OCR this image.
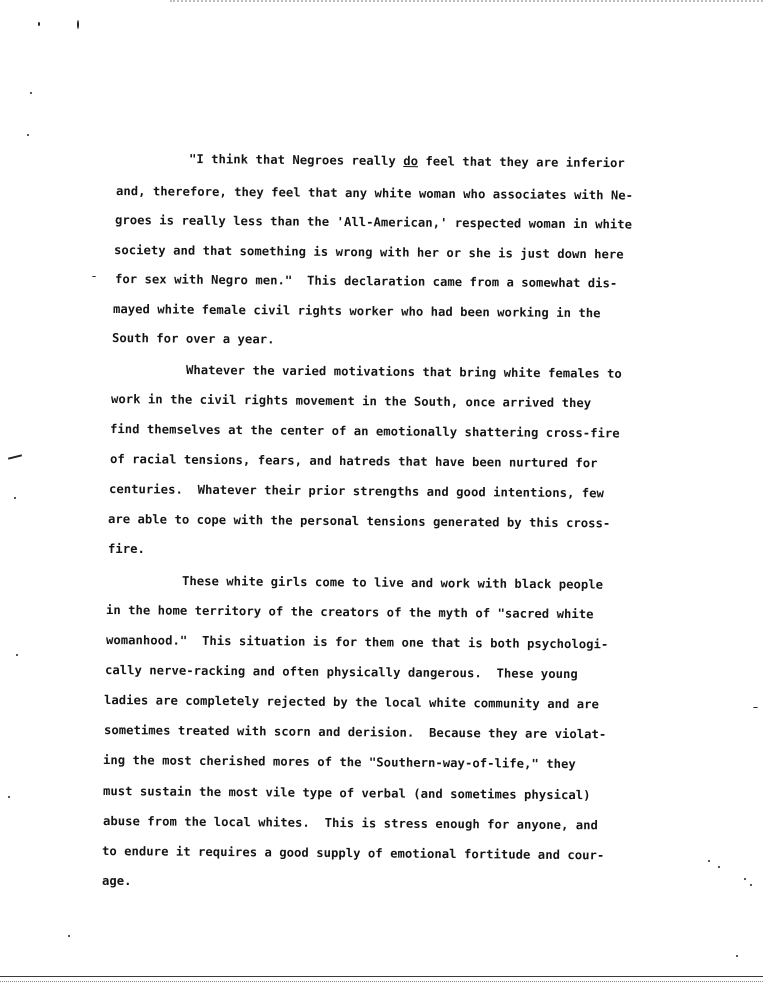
"I think that Negroes really do feel that they are inferior
and, therefore, they feel that any white woman who associates with Ne-
groes is really less than the 'All-American,' respected woman in white
society and that something is wrong with her or she is just down here
for sex with Negro men."  This declaration came from a somewhat dis-
mayed white female civil rights worker who had been working in the
South for over a year.
Whatever the varied motivations that bring white females to
work in the civil rights movement in the South, once arrived they
find themselves at the center of an emotionally shattering cross-fire
of racial tensions, fears, and hatreds that have been nurtured for
centuries.  Whatever their prior strengths and good intentions, few
are able to cope with the personal tensions generated by this cross-
fire.
These white girls come to live and work with black people
in the home territory of the creators of the myth of "sacred white
womanhood."  This situation is for them one that is both psychologi-
cally nerve-racking and often physically dangerous.  These young
ladies are completely rejected by the local white community and are
sometimes treated with scorn and derision.  Because they are violat-
ing the most cherished mores of the "Southern-way-of-life," they
must sustain the most vile type of verbal (and sometimes physical)
abuse from the local whites.  This is stress enough for anyone, and
to endure it requires a good supply of emotional fortitude and cour-
age.
